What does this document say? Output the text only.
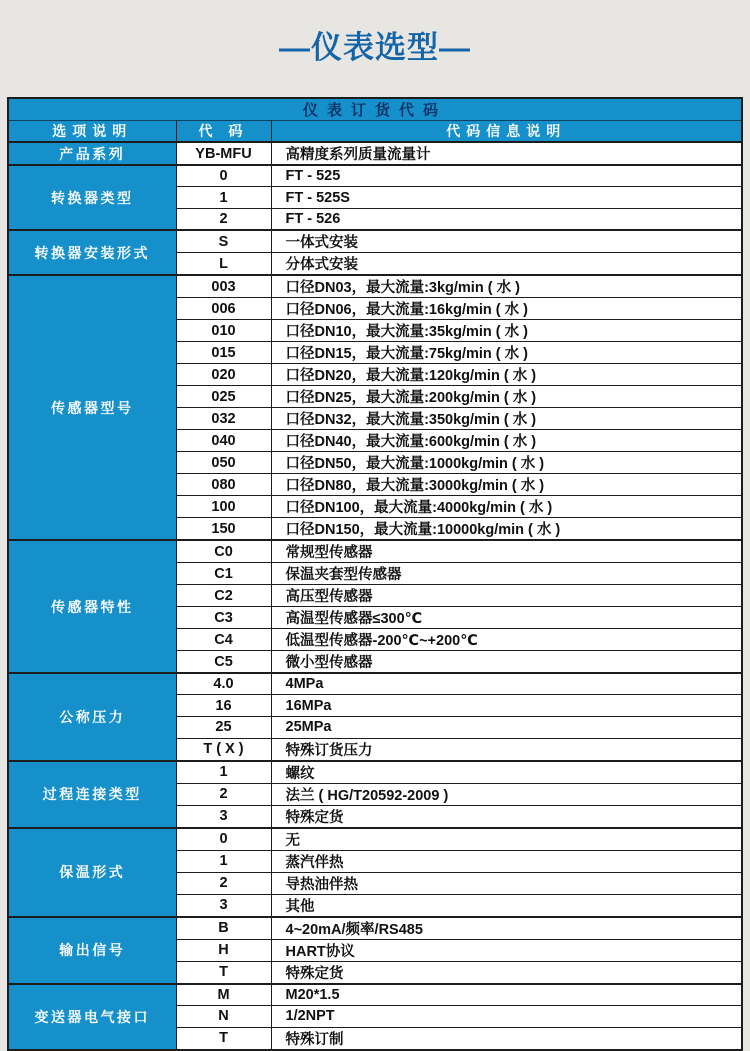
—仪表选型—
仪表订货代码		
选项说明	代 码	代码信息说明
产品系列	YB-MFU	高精度系列质量流量计
转换器类型	0	FT - 525
	1	FT - 525S
	2	FT - 526
转换器安装形式	S	一体式安装
	L	分体式安装
传感器型号	003	口径DN03，最大流量:3kg/min ( 水 )
	006	口径DN06，最大流量:16kg/min ( 水 )
	010	口径DN10，最大流量:35kg/min ( 水 )
	015	口径DN15，最大流量:75kg/min ( 水 )
	020	口径DN20，最大流量:120kg/min ( 水 )
	025	口径DN25，最大流量:200kg/min ( 水 )
	032	口径DN32，最大流量:350kg/min ( 水 )
	040	口径DN40，最大流量:600kg/min ( 水 )
	050	口径DN50，最大流量:1000kg/min ( 水 )
	080	口径DN80，最大流量:3000kg/min ( 水 )
	100	口径DN100，最大流量:4000kg/min ( 水 )
	150	口径DN150，最大流量:10000kg/min ( 水 )
传感器特性	C0	常规型传感器
	C1	保温夹套型传感器
	C2	高压型传感器
	C3	高温型传感器≤300℃
	C4	低温型传感器-200℃~+200℃
	C5	微小型传感器
公称压力	4.0	4MPa
	16	16MPa
	25	25MPa
	T ( X )	特殊订货压力
过程连接类型	1	螺纹
	2	法兰 ( HG/T20592-2009 )
	3	特殊定货
保温形式	0	无
	1	蒸汽伴热
	2	导热油伴热
	3	其他
输出信号	B	4~20mA/频率/RS485
	H	HART协议
	T	特殊定货
变送器电气接口	M	M20*1.5
	N	1/2NPT
	T	特殊订制
